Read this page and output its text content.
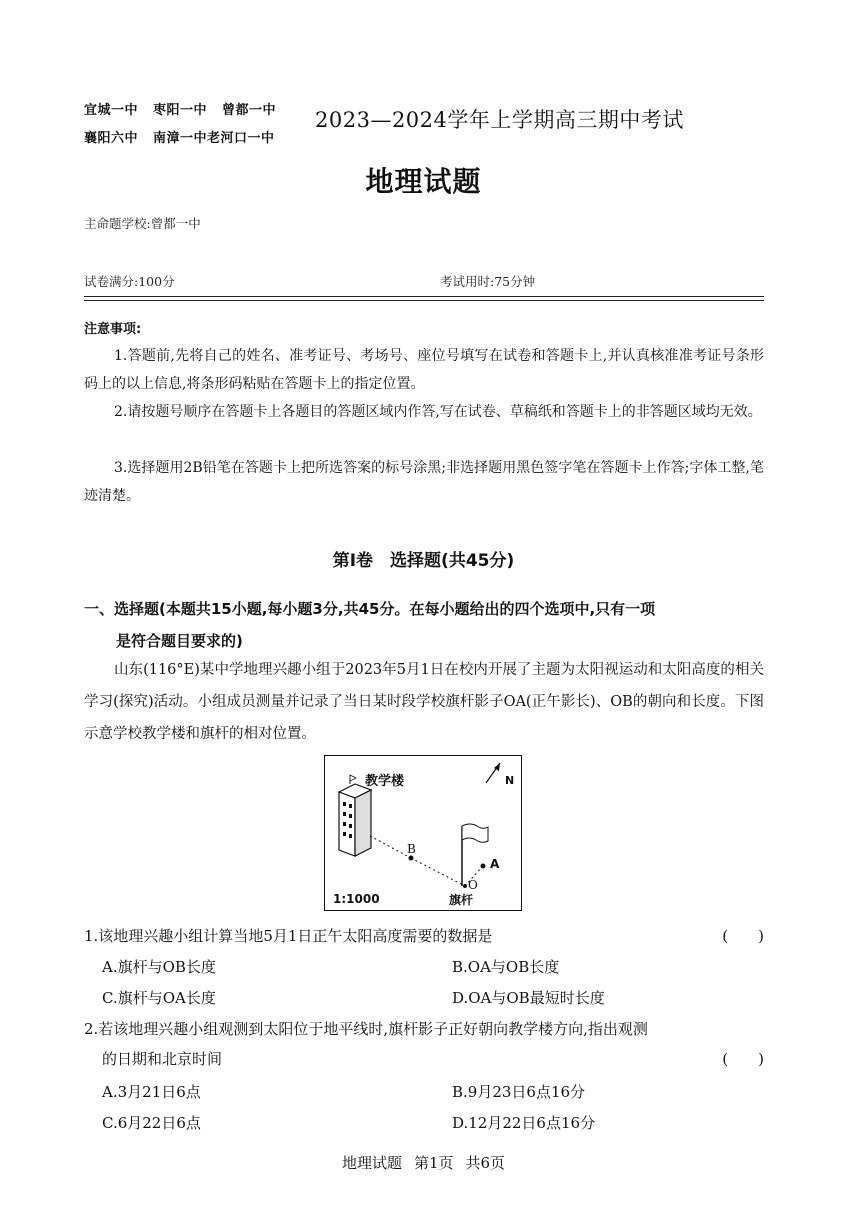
宜城一中 枣阳一中 曾都一中
襄阳六中 南漳一中老河口一中
2023—2024学年上学期高三期中考试
地理试题
主命题学校:曾都一中
试卷满分:100分	考试用时:75分钟
注意事项:
1.答题前,先将自己的姓名、准考证号、考场号、座位号填写在试卷和答题卡上,并认真核准准考证号条形码上的以上信息,将条形码粘贴在答题卡上的指定位置。
2.请按题号顺序在答题卡上各题目的答题区域内作答,写在试卷、草稿纸和答题卡上的非答题区域均无效。
3.选择题用2B铅笔在答题卡上把所选答案的标号涂黑;非选择题用黑色签字笔在答题卡上作答;字体工整,笔迹清楚。
第Ⅰ卷　选择题(共45分)
一、选择题(本题共15小题,每小题3分,共45分。在每小题给出的四个选项中,只有一项
是符合题目要求的)
山东(116°E)某中学地理兴趣小组于2023年5月1日在校内开展了主题为太阳视运动和太阳高度的相关学习(探究)活动。小组成员测量并记录了当日某时段学校旗杆影子OA(正午影长)、OB的朝向和长度。下图示意学校教学楼和旗杆的相对位置。
教学楼	N
B
A
O
旗杆
1:1000
1.该地理兴趣小组计算当地5月1日正午太阳高度需要的数据是	(　　)
A.旗杆与OB长度	B.OA与OB长度
C.旗杆与OA长度	D.OA与OB最短时长度
2.若该地理兴趣小组观测到太阳位于地平线时,旗杆影子正好朝向教学楼方向,指出观测
的日期和北京时间	(　　)
A.3月21日6点	B.9月23日6点16分
C.6月22日6点	D.12月22日6点16分
地理试题 第1页 共6页
